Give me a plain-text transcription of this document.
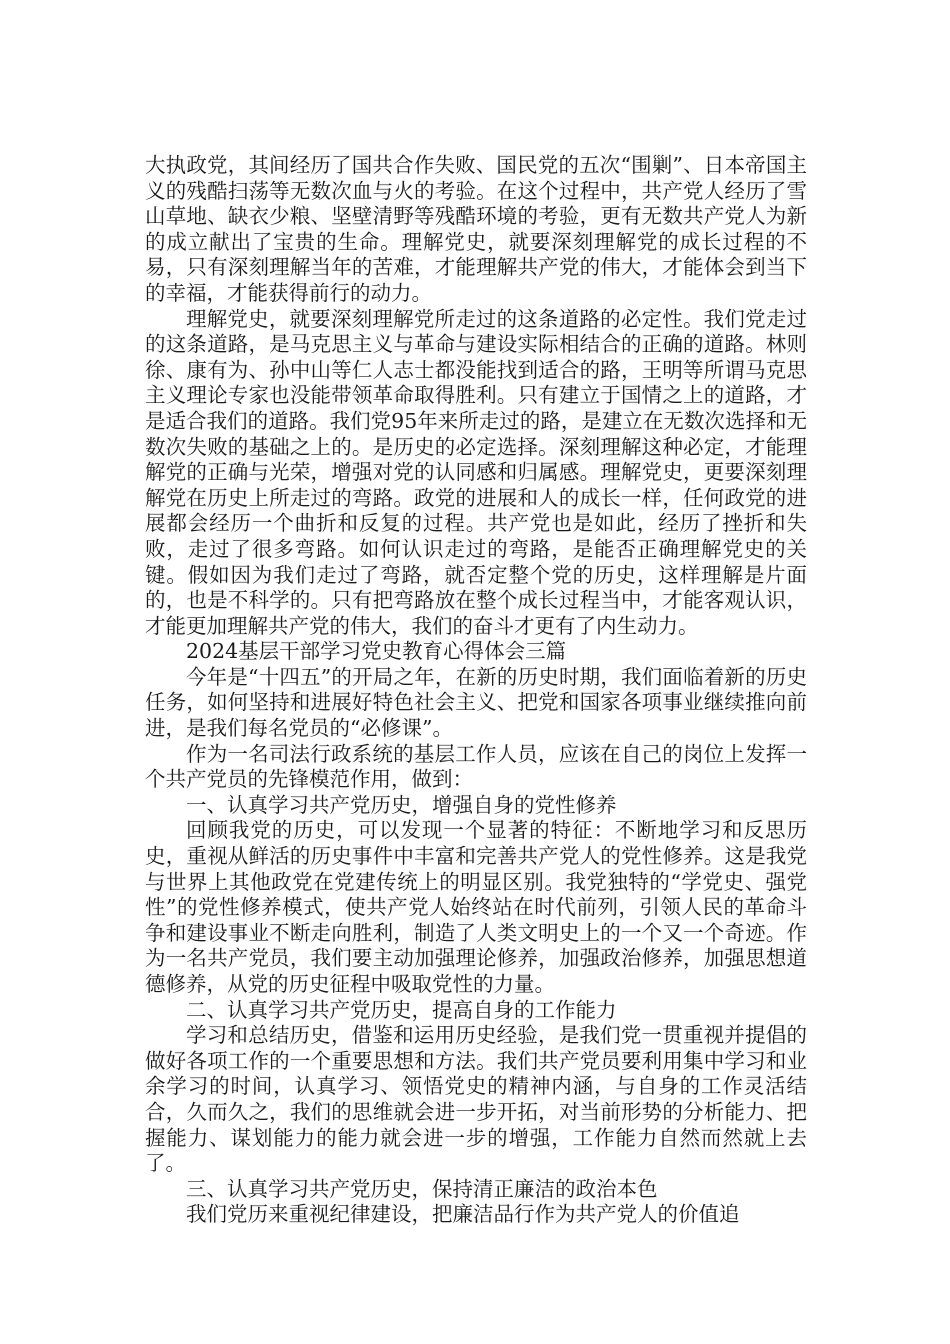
大执政党，其间经历了国共合作失败、国民党的五次“围剿”、日本帝国主义的残酷扫荡等无数次血与火的考验。在这个过程中，共产党人经历了雪山草地、缺衣少粮、坚壁清野等残酷环境的考验，更有无数共产党人为新的成立献出了宝贵的生命。理解党史，就要深刻理解党的成长过程的不易，只有深刻理解当年的苦难，才能理解共产党的伟大，才能体会到当下的幸福，才能获得前行的动力。

理解党史，就要深刻理解党所走过的这条道路的必定性。我们党走过的这条道路，是马克思主义与革命与建设实际相结合的正确的道路。林则徐、康有为、孙中山等仁人志士都没能找到适合的路，王明等所谓马克思主义理论专家也没能带领革命取得胜利。只有建立于国情之上的道路，才是适合我们的道路。我们党95年来所走过的路，是建立在无数次选择和无数次失败的基础之上的。是历史的必定选择。深刻理解这种必定，才能理解党的正确与光荣，增强对党的认同感和归属感。理解党史，更要深刻理解党在历史上所走过的弯路。政党的进展和人的成长一样，任何政党的进展都会经历一个曲折和反复的过程。共产党也是如此，经历了挫折和失败，走过了很多弯路。如何认识走过的弯路，是能否正确理解党史的关键。假如因为我们走过了弯路，就否定整个党的历史，这样理解是片面的，也是不科学的。只有把弯路放在整个成长过程当中，才能客观认识，才能更加理解共产党的伟大，我们的奋斗才更有了内生动力。

2024基层干部学习党史教育心得体会三篇

今年是“十四五”的开局之年，在新的历史时期，我们面临着新的历史任务，如何坚持和进展好特色社会主义、把党和国家各项事业继续推向前进，是我们每名党员的“必修课”。

作为一名司法行政系统的基层工作人员，应该在自己的岗位上发挥一个共产党员的先锋模范作用，做到：

一、认真学习共产党历史，增强自身的党性修养

回顾我党的历史，可以发现一个显著的特征：不断地学习和反思历史，重视从鲜活的历史事件中丰富和完善共产党人的党性修养。这是我党与世界上其他政党在党建传统上的明显区别。我党独特的“学党史、强党性”的党性修养模式，使共产党人始终站在时代前列，引领人民的革命斗争和建设事业不断走向胜利，制造了人类文明史上的一个又一个奇迹。作为一名共产党员，我们要主动加强理论修养，加强政治修养，加强思想道德修养，从党的历史征程中吸取党性的力量。

二、认真学习共产党历史，提高自身的工作能力

学习和总结历史，借鉴和运用历史经验，是我们党一贯重视并提倡的做好各项工作的一个重要思想和方法。我们共产党员要利用集中学习和业余学习的时间，认真学习、领悟党史的精神内涵，与自身的工作灵活结合，久而久之，我们的思维就会进一步开拓，对当前形势的分析能力、把握能力、谋划能力的能力就会进一步的增强，工作能力自然而然就上去了。

三、认真学习共产党历史，保持清正廉洁的政治本色

我们党历来重视纪律建设，把廉洁品行作为共产党人的价值追
